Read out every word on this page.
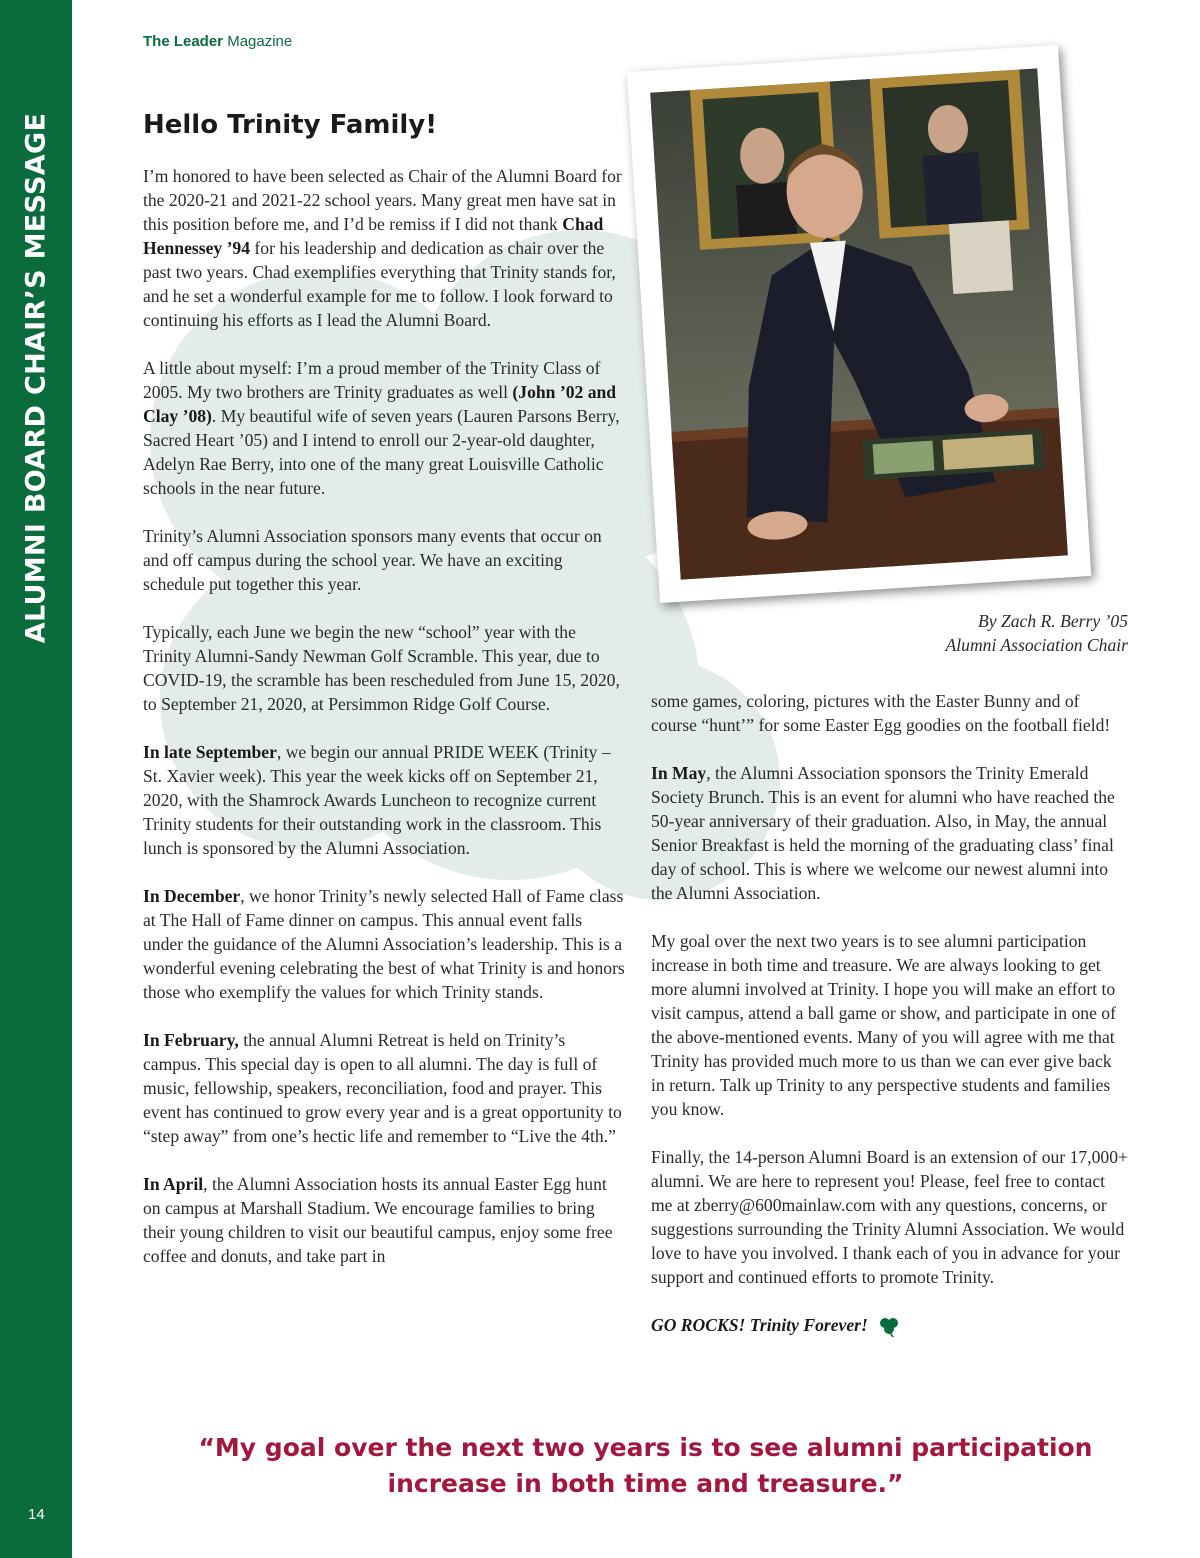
ALUMNI BOARD CHAIR’S MESSAGE
14
The Leader Magazine
Hello Trinity Family!

I’m honored to have been selected as Chair of the Alumni Board for the 2020-21 and 2021-22 school years. Many great men have sat in this position before me, and I’d be remiss if I did not thank Chad Hennessey ’94 for his leadership and dedication as chair over the past two years. Chad exemplifies everything that Trinity stands for, and he set a wonderful example for me to follow. I look forward to continuing his efforts as I lead the Alumni Board.

A little about myself: I’m a proud member of the Trinity Class of 2005. My two brothers are Trinity graduates as well (John ’02 and Clay ’08). My beautiful wife of seven years (Lauren Parsons Berry, Sacred Heart ’05) and I intend to enroll our 2-year-old daughter, Adelyn Rae Berry, into one of the many great Louisville Catholic schools in the near future.

Trinity’s Alumni Association sponsors many events that occur on and off campus during the school year. We have an exciting schedule put together this year.

Typically, each June we begin the new “school” year with the Trinity Alumni-Sandy Newman Golf Scramble. This year, due to COVID-19, the scramble has been rescheduled from June 15, 2020, to September 21, 2020, at Persimmon Ridge Golf Course.

In late September, we begin our annual PRIDE WEEK (Trinity – St. Xavier week). This year the week kicks off on September 21, 2020, with the Shamrock Awards Luncheon to recognize current Trinity students for their outstanding work in the classroom. This lunch is sponsored by the Alumni Association.

In December, we honor Trinity’s newly selected Hall of Fame class at The Hall of Fame dinner on campus. This annual event falls under the guidance of the Alumni Association’s leadership. This is a wonderful evening celebrating the best of what Trinity is and honors those who exemplify the values for which Trinity stands.

In February, the annual Alumni Retreat is held on Trinity’s campus. This special day is open to all alumni. The day is full of music, fellowship, speakers, reconciliation, food and prayer. This event has continued to grow every year and is a great opportunity to “step away” from one’s hectic life and remember to “Live the 4th.”

In April, the Alumni Association hosts its annual Easter Egg hunt on campus at Marshall Stadium. We encourage families to bring their young children to visit our beautiful campus, enjoy some free coffee and donuts, and take part in

By Zach R. Berry ’05
Alumni Association Chair

some games, coloring, pictures with the Easter Bunny and of course “hunt’” for some Easter Egg goodies on the football field!

In May, the Alumni Association sponsors the Trinity Emerald Society Brunch. This is an event for alumni who have reached the 50-year anniversary of their graduation. Also, in May, the annual Senior Breakfast is held the morning of the graduating class’ final day of school. This is where we welcome our newest alumni into the Alumni Association.

My goal over the next two years is to see alumni participation increase in both time and treasure. We are always looking to get more alumni involved at Trinity. I hope you will make an effort to visit campus, attend a ball game or show, and participate in one of the above-mentioned events. Many of you will agree with me that Trinity has provided much more to us than we can ever give back in return. Talk up Trinity to any perspective students and families you know.

Finally, the 14-person Alumni Board is an extension of our 17,000+ alumni. We are here to represent you! Please, feel free to contact me at zberry@600mainlaw.com with any questions, concerns, or suggestions surrounding the Trinity Alumni Association. We would love to have you involved. I thank each of you in advance for your support and continued efforts to promote Trinity.

GO ROCKS! Trinity Forever!

“My goal over the next two years is to see alumni participation increase in both time and treasure.”
